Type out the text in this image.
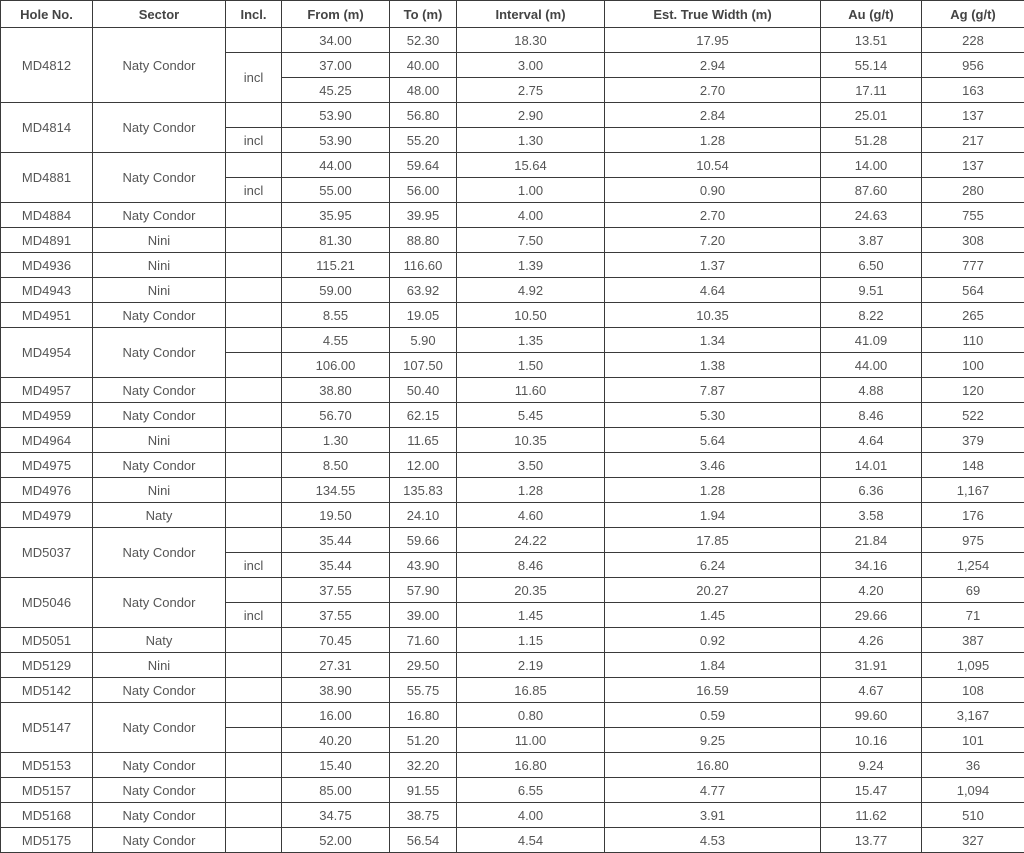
Hole No.	Sector	Incl.	From (m)	To (m)	Interval (m)	Est. True Width (m)	Au (g/t)	Ag (g/t)
MD4812	Naty Condor		34.00	52.30	18.30	17.95	13.51	228
		incl	37.00	40.00	3.00	2.94	55.14	956
			45.25	48.00	2.75	2.70	17.11	163
MD4814	Naty Condor		53.90	56.80	2.90	2.84	25.01	137
		incl	53.90	55.20	1.30	1.28	51.28	217
MD4881	Naty Condor		44.00	59.64	15.64	10.54	14.00	137
		incl	55.00	56.00	1.00	0.90	87.60	280
MD4884	Naty Condor		35.95	39.95	4.00	2.70	24.63	755
MD4891	Nini		81.30	88.80	7.50	7.20	3.87	308
MD4936	Nini		115.21	116.60	1.39	1.37	6.50	777
MD4943	Nini		59.00	63.92	4.92	4.64	9.51	564
MD4951	Naty Condor		8.55	19.05	10.50	10.35	8.22	265
MD4954	Naty Condor		4.55	5.90	1.35	1.34	41.09	110
			106.00	107.50	1.50	1.38	44.00	100
MD4957	Naty Condor		38.80	50.40	11.60	7.87	4.88	120
MD4959	Naty Condor		56.70	62.15	5.45	5.30	8.46	522
MD4964	Nini		1.30	11.65	10.35	5.64	4.64	379
MD4975	Naty Condor		8.50	12.00	3.50	3.46	14.01	148
MD4976	Nini		134.55	135.83	1.28	1.28	6.36	1,167
MD4979	Naty		19.50	24.10	4.60	1.94	3.58	176
MD5037	Naty Condor		35.44	59.66	24.22	17.85	21.84	975
		incl	35.44	43.90	8.46	6.24	34.16	1,254
MD5046	Naty Condor		37.55	57.90	20.35	20.27	4.20	69
		incl	37.55	39.00	1.45	1.45	29.66	71
MD5051	Naty		70.45	71.60	1.15	0.92	4.26	387
MD5129	Nini		27.31	29.50	2.19	1.84	31.91	1,095
MD5142	Naty Condor		38.90	55.75	16.85	16.59	4.67	108
MD5147	Naty Condor		16.00	16.80	0.80	0.59	99.60	3,167
			40.20	51.20	11.00	9.25	10.16	101
MD5153	Naty Condor		15.40	32.20	16.80	16.80	9.24	36
MD5157	Naty Condor		85.00	91.55	6.55	4.77	15.47	1,094
MD5168	Naty Condor		34.75	38.75	4.00	3.91	11.62	510
MD5175	Naty Condor		52.00	56.54	4.54	4.53	13.77	327
